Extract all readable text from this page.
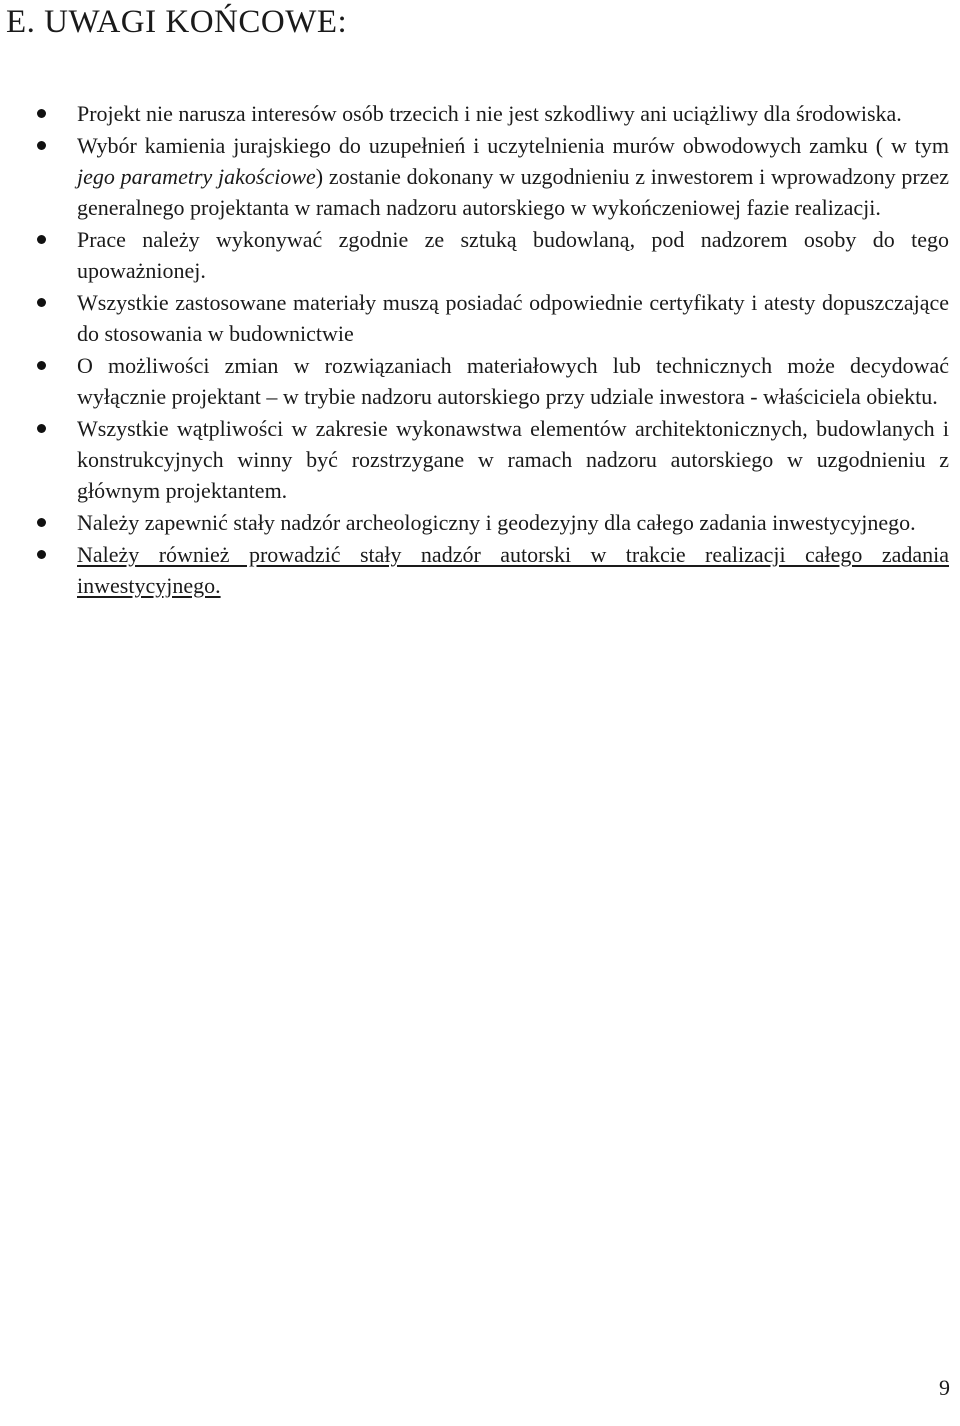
E. UWAGI KOŃCOWE:
Projekt nie narusza interesów osób trzecich i nie jest szkodliwy ani uciążliwy dla środowiska.
Wybór kamienia jurajskiego do uzupełnień i uczytelnienia murów obwodowych zamku ( w tym jego parametry jakościowe) zostanie dokonany w uzgodnieniu z inwestorem i wprowadzony przez generalnego projektanta w ramach nadzoru autorskiego w wykończeniowej fazie realizacji.
Prace należy wykonywać zgodnie ze sztuką budowlaną, pod nadzorem osoby do tego upoważnionej.
Wszystkie zastosowane materiały muszą posiadać odpowiednie certyfikaty i atesty dopuszczające do stosowania w budownictwie
O możliwości zmian w rozwiązaniach materiałowych lub technicznych może decydować wyłącznie projektant – w trybie nadzoru autorskiego przy udziale inwestora - właściciela obiektu.
Wszystkie wątpliwości w zakresie wykonawstwa elementów architektonicznych, budowlanych i konstrukcyjnych winny być rozstrzygane w ramach nadzoru autorskiego w uzgodnieniu z głównym projektantem.
Należy zapewnić stały nadzór archeologiczny i geodezyjny dla całego zadania inwestycyjnego.
Należy również prowadzić stały nadzór autorski w trakcie realizacji całego zadania inwestycyjnego.
9
